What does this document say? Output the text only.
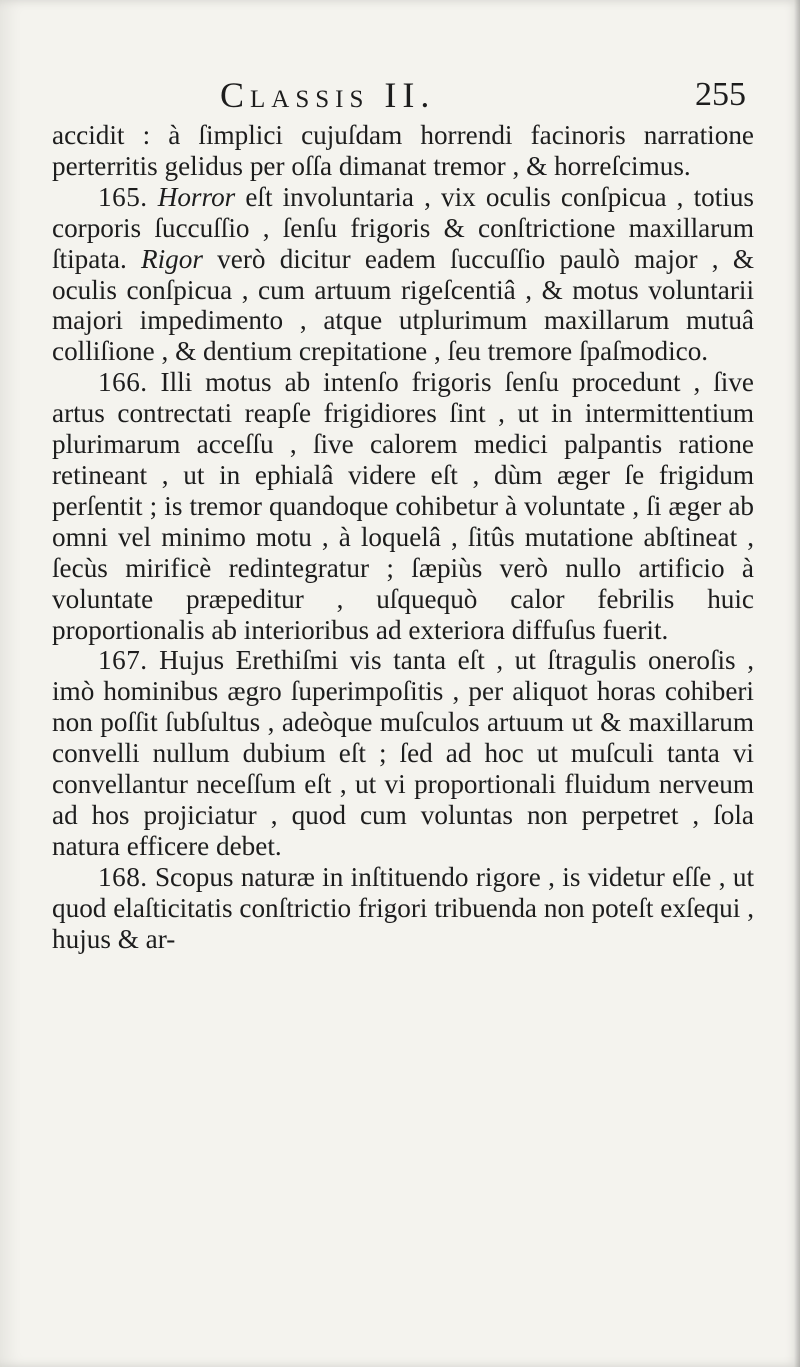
Classis II.	255

accidit : à ſimplici cujuſdam horrendi facinoris narratione perterritis gelidus per oſſa dimanat tremor , & horreſcimus.

165. Horror eſt involuntaria , vix oculis conſpicua , totius corporis ſuccuſſio , ſenſu frigoris & conſtrictione maxillarum ſtipata. Rigor verò dicitur eadem ſuccuſſio paulò major , & oculis conſpicua , cum artuum rigeſcentiâ , & motus voluntarii majori impedimento , atque utplurimum maxillarum mutuâ colliſione , & dentium crepitatione , ſeu tremore ſpaſmodico.

166. Illi motus ab intenſo frigoris ſenſu procedunt , ſive artus contrectati reapſe frigidiores ſint , ut in intermittentium plurimarum acceſſu , ſive calorem medici palpantis ratione retineant , ut in ephialâ videre eſt , dùm æger ſe frigidum perſentit ; is tremor quandoque cohibetur à voluntate , ſi æger ab omni vel minimo motu , à loquelâ , ſitûs mutatione abſtineat , ſecùs mirificè redintegratur ; ſæpiùs verò nullo artificio à voluntate præpeditur , uſquequò calor febrilis huic proportionalis ab interioribus ad exteriora diffuſus fuerit.

167. Hujus Erethiſmi vis tanta eſt , ut ſtragulis oneroſis , imò hominibus ægro ſuperimpoſitis , per aliquot horas cohiberi non poſſit ſubſultus , adeòque muſculos artuum ut & maxillarum convelli nullum dubium eſt ; ſed ad hoc ut muſculi tanta vi convellantur neceſſum eſt , ut vi proportionali fluidum nerveum ad hos projiciatur , quod cum voluntas non perpetret , ſola natura efficere debet.

168. Scopus naturæ in inſtituendo rigore , is videtur eſſe , ut quod elaſticitatis conſtrictio frigori tribuenda non poteſt exſequi , hujus & ar-
